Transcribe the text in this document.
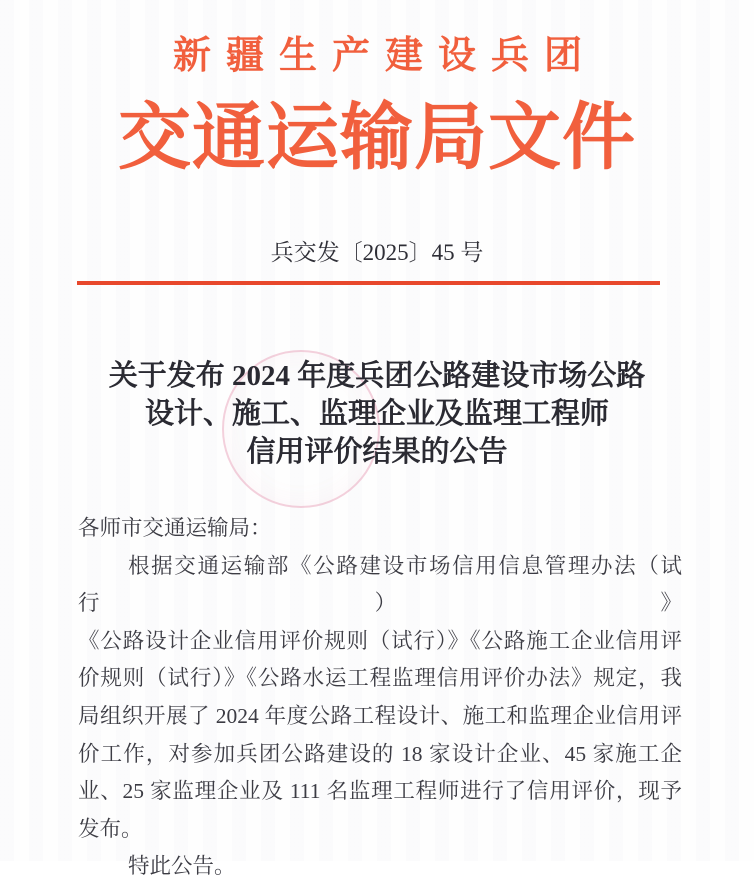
新疆生产建设兵团
交通运输局文件
兵交发〔2025〕45 号
关于发布 2024 年度兵团公路建设市场公路
设计、施工、监理企业及监理工程师
信用评价结果的公告
各师市交通运输局：
根据交通运输部《公路建设市场信用信息管理办法（试行）》
《公路设计企业信用评价规则（试行）》《公路施工企业信用评
价规则（试行）》《公路水运工程监理信用评价办法》规定，我
局组织开展了 2024 年度公路工程设计、施工和监理企业信用评
价工作，对参加兵团公路建设的 18 家设计企业、45 家施工企
业、25 家监理企业及 111 名监理工程师进行了信用评价，现予
发布。
特此公告。
